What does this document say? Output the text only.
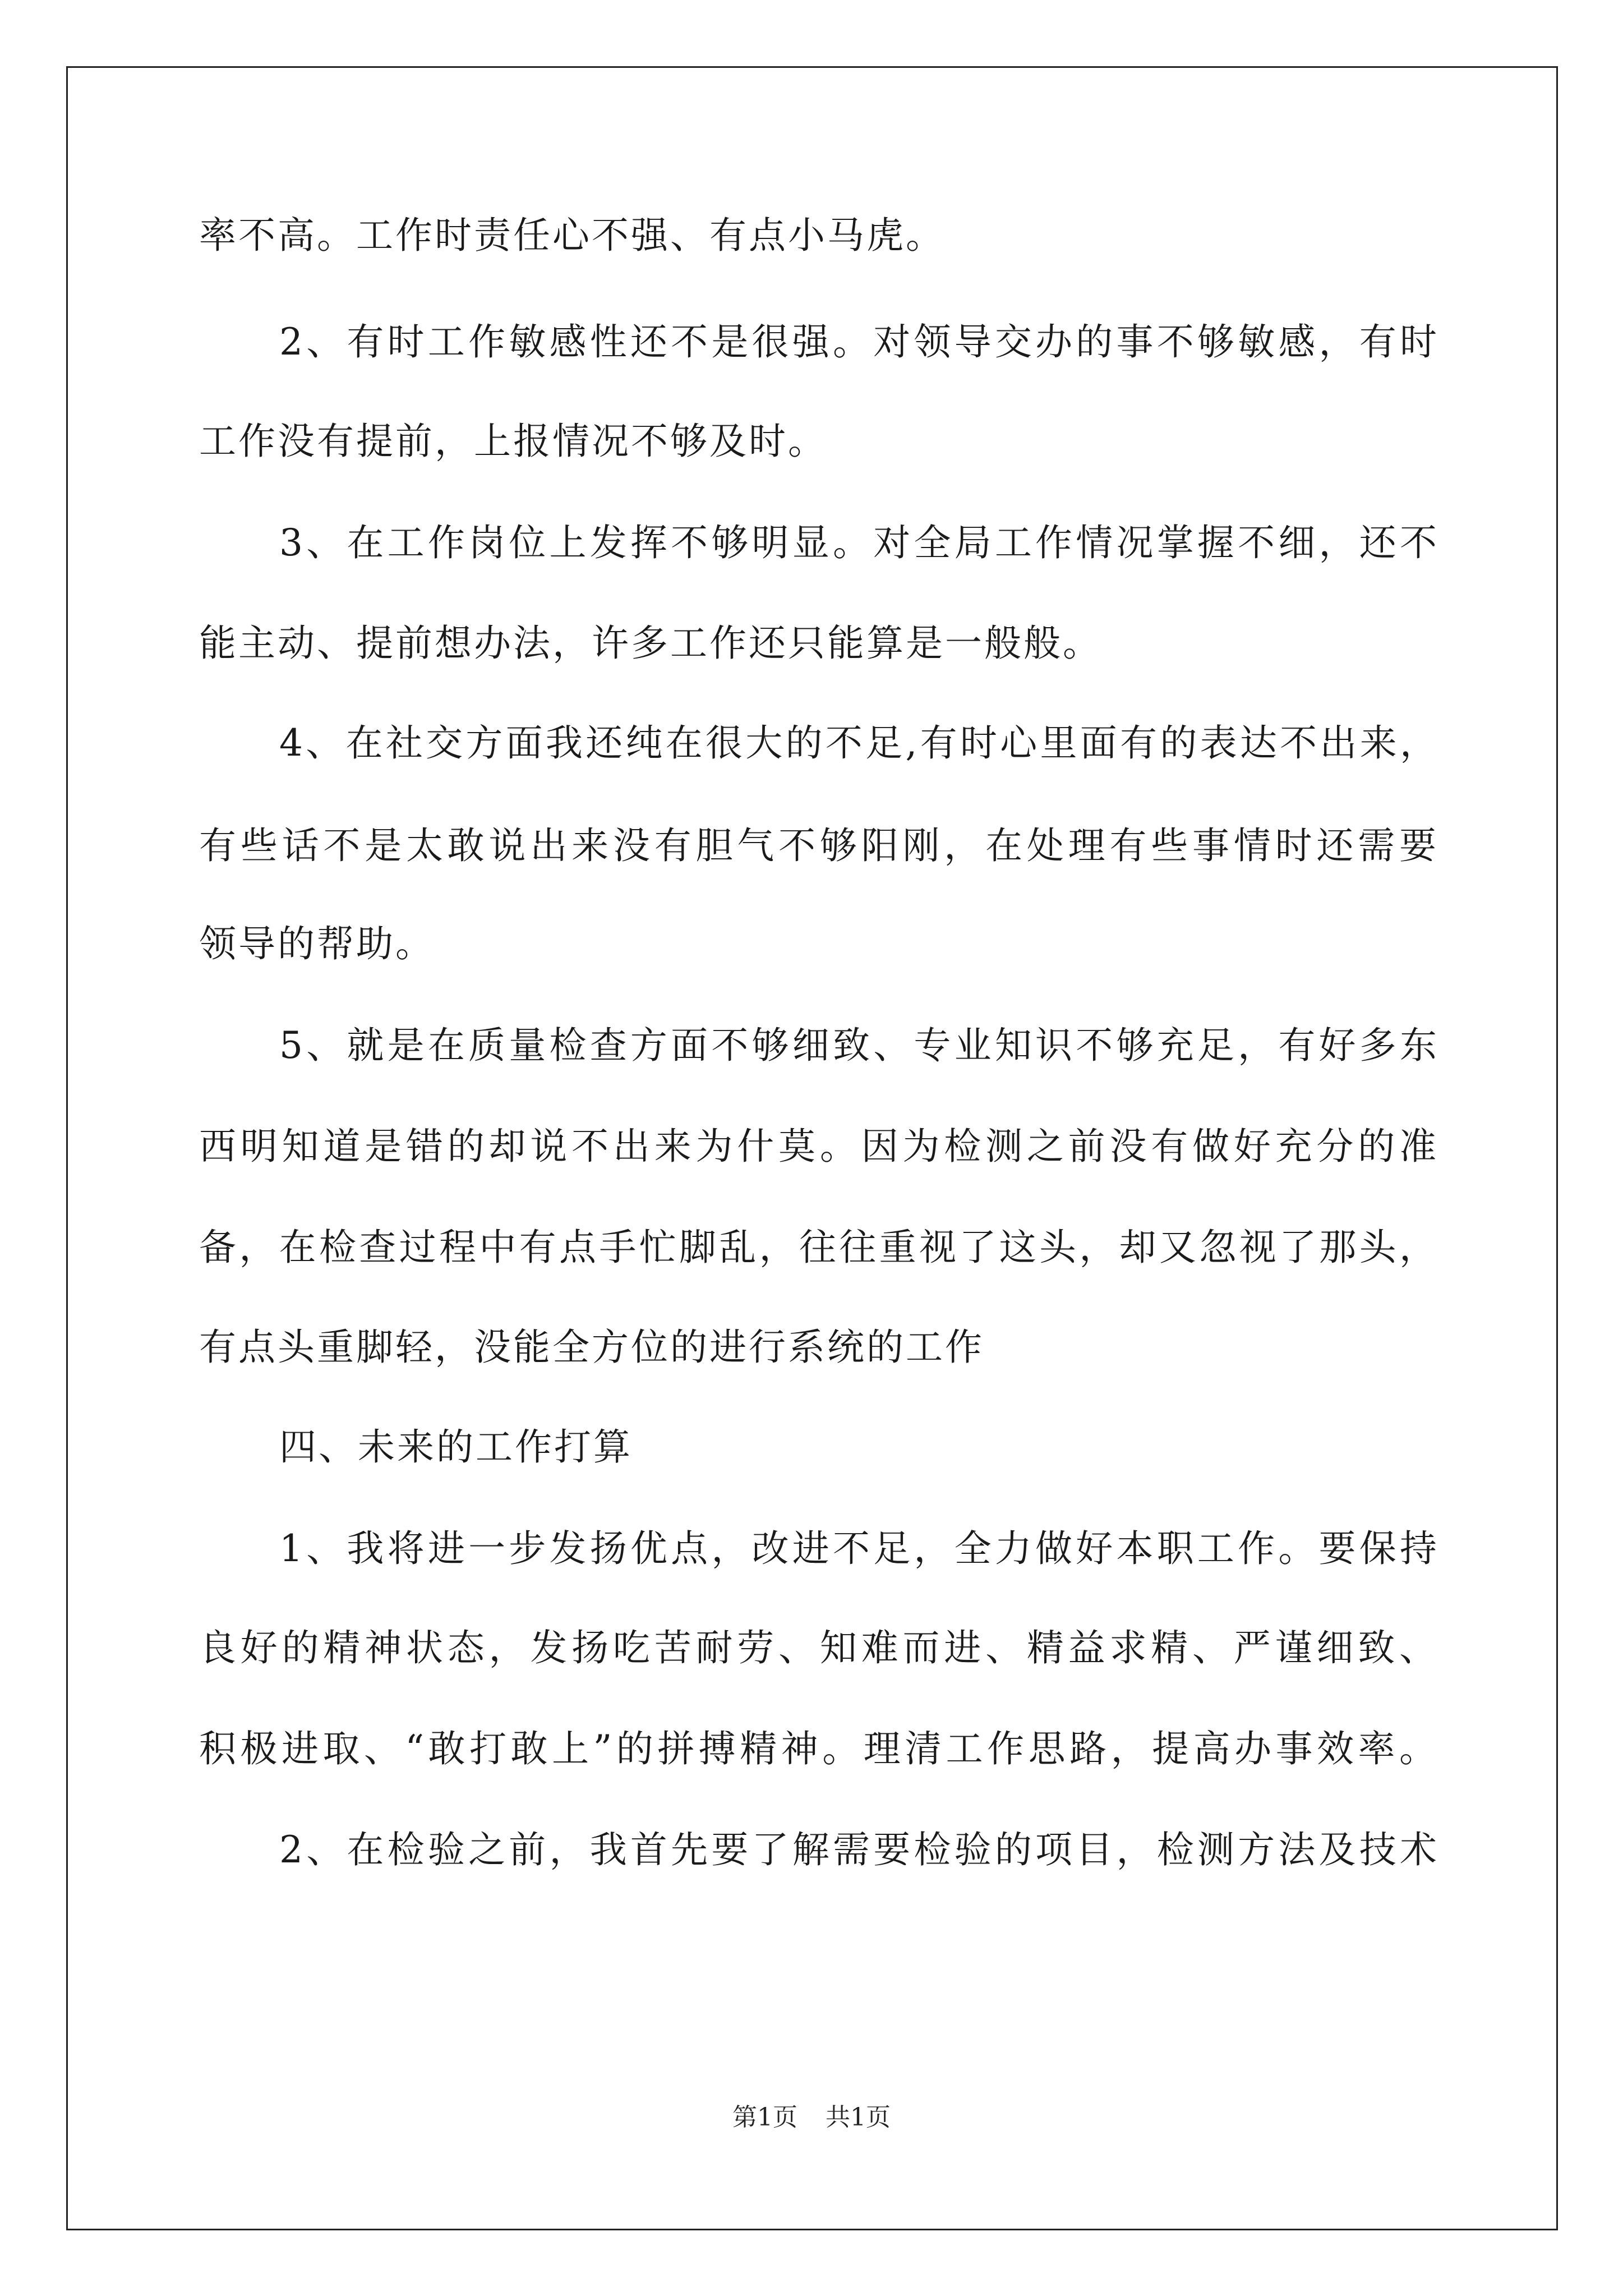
率不高。工作时责任心不强、有点小马虎。
2、有时工作敏感性还不是很强。对领导交办的事不够敏感，有时
工作没有提前，上报情况不够及时。
3、在工作岗位上发挥不够明显。对全局工作情况掌握不细，还不
能主动、提前想办法，许多工作还只能算是一般般。
4、在社交方面我还纯在很大的不足,有时心里面有的表达不出来，
有些话不是太敢说出来没有胆气不够阳刚，在处理有些事情时还需要
领导的帮助。
5、就是在质量检查方面不够细致、专业知识不够充足，有好多东
西明知道是错的却说不出来为什莫。因为检测之前没有做好充分的准
备，在检查过程中有点手忙脚乱，往往重视了这头，却又忽视了那头，
有点头重脚轻，没能全方位的进行系统的工作
四、未来的工作打算
1、我将进一步发扬优点，改进不足，全力做好本职工作。要保持
良好的精神状态，发扬吃苦耐劳、知难而进、精益求精、严谨细致、
积极进取、“敢打敢上”的拼搏精神。理清工作思路，提高办事效率。
2、在检验之前，我首先要了解需要检验的项目，检测方法及技术
第1页 共1页
